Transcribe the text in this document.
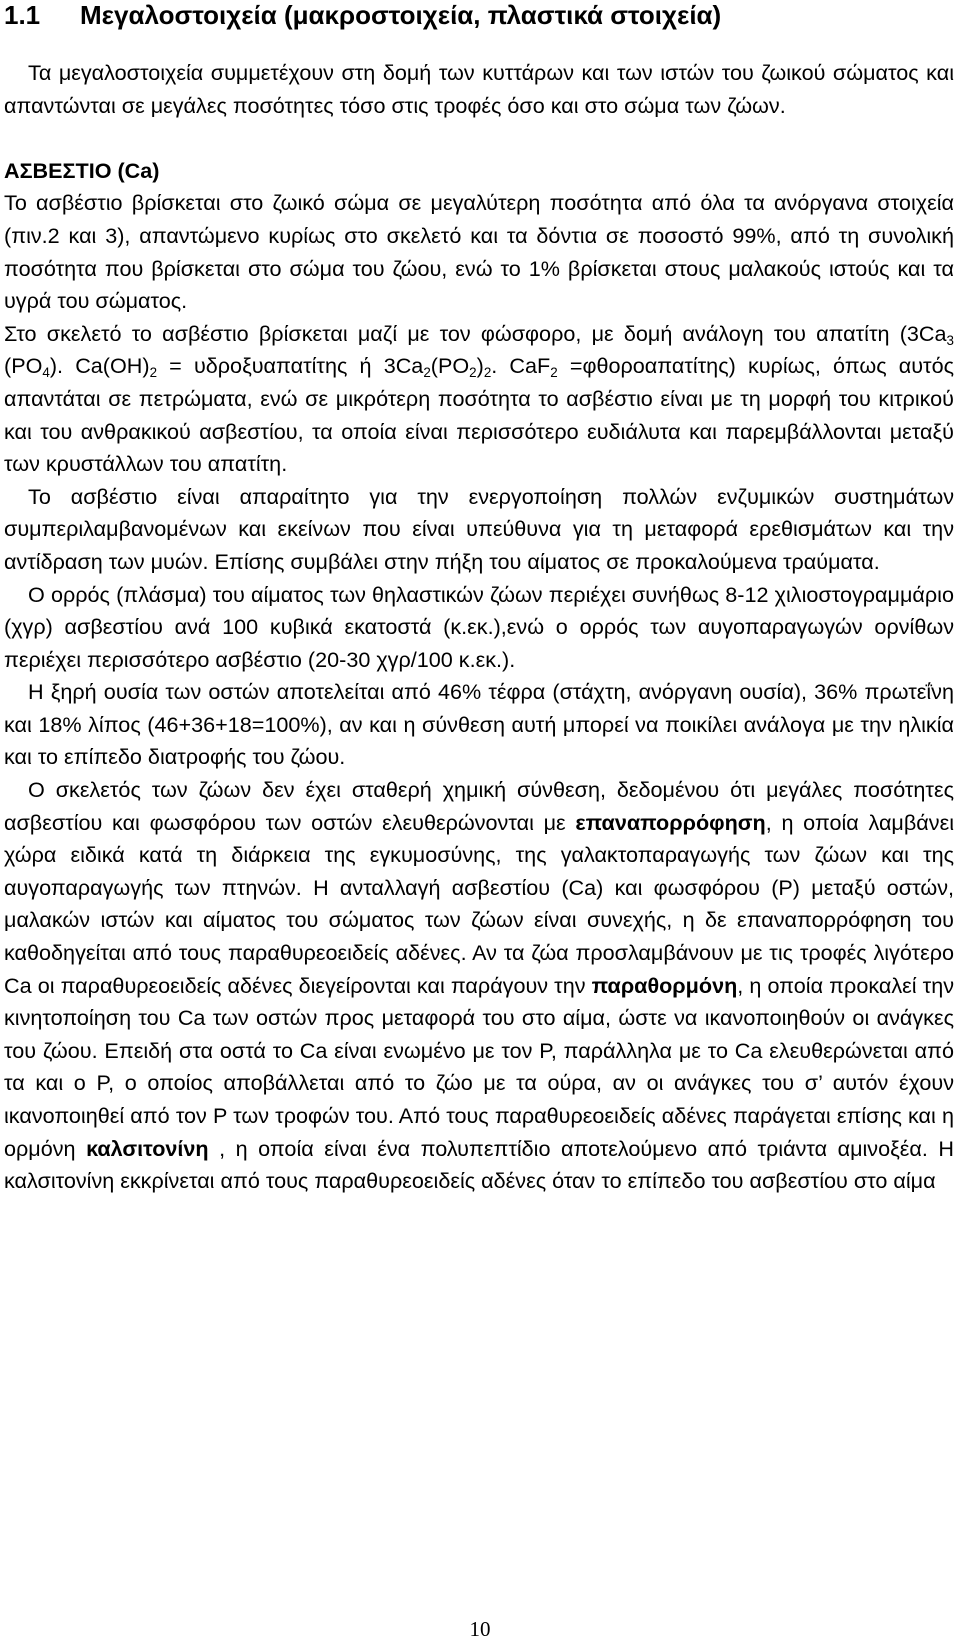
1.1 Μεγαλοστοιχεία (μακροστοιχεία, πλαστικά στοιχεία)

Τα μεγαλοστοιχεία συμμετέχουν στη δομή των κυττάρων και των ιστών του ζωικού σώματος και απαντώνται σε μεγάλες ποσότητες τόσο στις τροφές όσο και στο σώμα των ζώων.

ΑΣΒΕΣΤΙΟ (Ca)

Το ασβέστιο βρίσκεται στο ζωικό σώμα σε μεγαλύτερη ποσότητα από όλα τα ανόργανα στοιχεία (πιν.2 και 3), απαντώμενο κυρίως στο σκελετό και τα δόντια σε ποσοστό 99%, από τη συνολική ποσότητα που βρίσκεται στο σώμα του ζώου, ενώ το 1% βρίσκεται στους μαλακούς ιστούς και τα υγρά του σώματος.

Στο σκελετό το ασβέστιο βρίσκεται μαζί με τον φώσφορο, με δομή ανάλογη του απατίτη ($3Ca_3$ $(PO_4)$. $Ca(OH)_2 = \upsilon\delta\rho o\xi\upsilon\alpha\pi\alpha\tau ί\tau\eta\varsigma$ ή $3Ca_2(PO_2)_2$. CaF$_2$ =φθοροαπατίτης) κυρίως, όπως αυτός απαντάται σε πετρώματα, ενώ σε μικρότερη ποσότητα το ασβέστιο είναι με τη μορφή του κιτρικού και του ανθρακικού ασβεστίου, τα οποία είναι περισσότερο ευδιάλυτα και παρεμβάλλονται μεταξύ των κρυστάλλων του απατίτη.

Το ασβέστιο είναι απαραίτητο για την ενεργοποίηση πολλών ενζυμικών συστημάτων συμπεριλαμβανομένων και εκείνων που είναι υπεύθυνα για τη μεταφορά ερεθισμάτων και την αντίδραση των μυών. Επίσης συμβάλει στην πήξη του αίματος σε προκαλούμενα τραύματα.

Ο ορρός (πλάσμα) του αίματος των θηλαστικών ζώων περιέχει συνήθως 8-12 χιλιοστογραμμάριο (χγρ) ασβεστίου ανά 100 κυβικά εκατοστά (κ.εκ.),ενώ ο ορρός των αυγοπαραγωγών ορνίθων περιέχει περισσότερο ασβέστιο (20-30 χγρ/100 κ.εκ.).

Η ξηρή ουσία των οστών αποτελείται από 46% τέφρα (στάχτη, ανόργανη ουσία), 36% πρωτεΐνη και 18% λίπος (46+36+18=100%), αν και η σύνθεση αυτή μπορεί να ποικίλει ανάλογα με την ηλικία και το επίπεδο διατροφής του ζώου.

Ο σκελετός των ζώων δεν έχει σταθερή χημική σύνθεση, δεδομένου ότι μεγάλες ποσότητες ασβεστίου και φωσφόρου των οστών ελευθερώνονται με επαναπορρόφηση, η οποία λαμβάνει χώρα ειδικά κατά τη διάρκεια της εγκυμοσύνης, της γαλακτοπαραγωγής των ζώων και της αυγοπαραγωγής των πτηνών. Η ανταλλαγή ασβεστίου (Ca) και φωσφόρου (P) μεταξύ οστών, μαλακών ιστών και αίματος του σώματος των ζώων είναι συνεχής, η δε επαναπορρόφηση του καθοδηγείται από τους παραθυρεοειδείς αδένες. Αν τα ζώα προσλαμβάνουν με τις τροφές λιγότερο Ca οι παραθυρεοειδείς αδένες διεγείρονται και παράγουν την παραθορμόνη, η οποία προκαλεί την κινητοποίηση του Ca των οστών προς μεταφορά του στο αίμα, ώστε να ικανοποιηθούν οι ανάγκες του ζώου. Επειδή στα οστά το Ca είναι ενωμένο με τον P, παράλληλα με το Ca ελευθερώνεται από τα και ο P, ο οποίος αποβάλλεται από το ζώο με τα ούρα, αν οι ανάγκες του σ’ αυτόν έχουν ικανοποιηθεί από τον P των τροφών του. Από τους παραθυρεοειδείς αδένες παράγεται επίσης και η ορμόνη καλσιτονίνη , η οποία είναι ένα πολυπεπτίδιο αποτελούμενο από τριάντα αμινοξέα. Η καλσιτονίνη εκκρίνεται από τους παραθυρεοειδείς αδένες όταν το επίπεδο του ασβεστίου στο αίμα

10
